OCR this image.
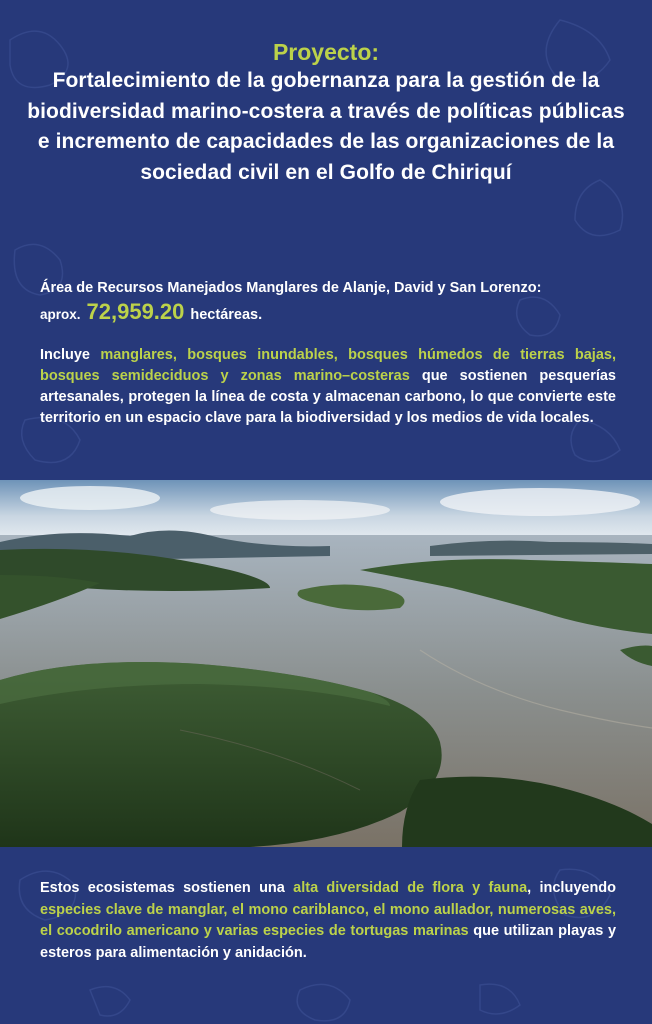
Proyecto:
Fortalecimiento de la gobernanza para la gestión de la biodiversidad marino-costera a través de políticas públicas e incremento de capacidades de las organizaciones de la sociedad civil en el Golfo de Chiriquí
Área de Recursos Manejados Manglares de Alanje, David y San Lorenzo:
aprox. 72,959.20 hectáreas.
Incluye manglares, bosques inundables, bosques húmedos de tierras bajas, bosques semideciduos y zonas marino–costeras que sostienen pesquerías artesanales, protegen la línea de costa y almacenan carbono, lo que convierte este territorio en un espacio clave para la biodiversidad y los medios de vida locales.
Estos ecosistemas sostienen una alta diversidad de flora y fauna, incluyendo especies clave de manglar, el mono cariblanco, el mono aullador, numerosas aves, el cocodrilo americano y varias especies de tortugas marinas que utilizan playas y esteros para alimentación y anidación.
